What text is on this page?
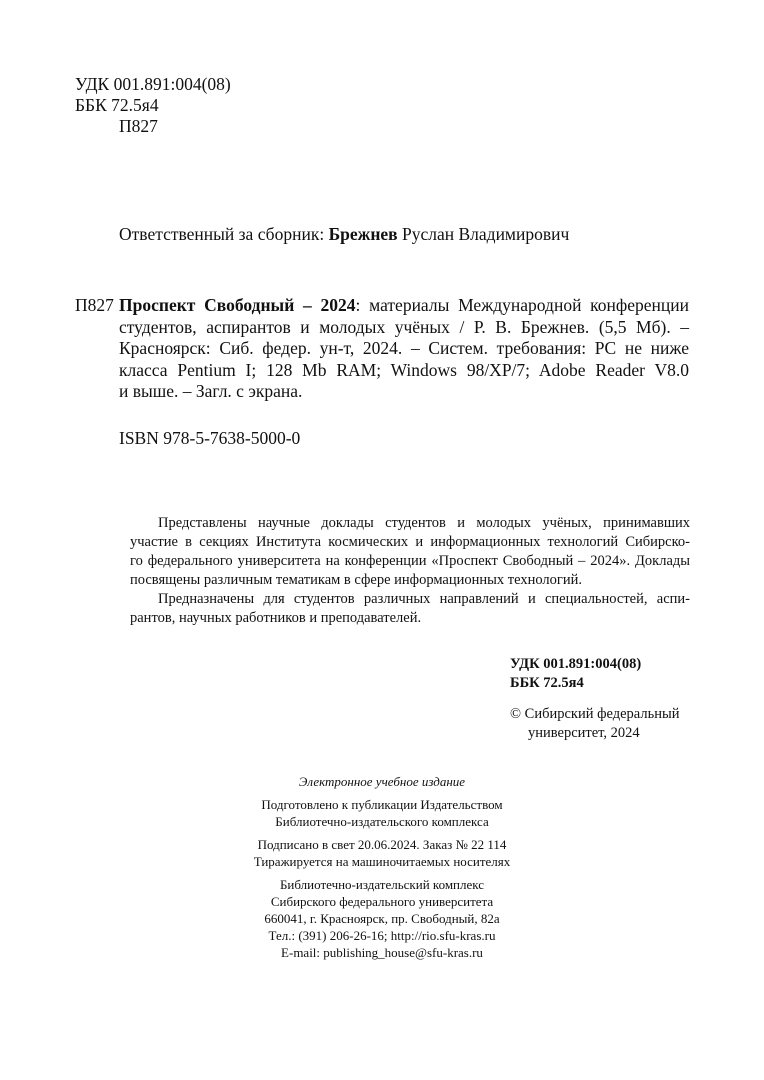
УДК 001.891:004(08)
ББК 72.5я4
П827
Ответственный за сборник: Брежнев Руслан Владимирович
П827 Проспект Свободный – 2024: материалы Международной конференции
студентов, аспирантов и молодых учёных / Р. В. Брежнев. (5,5 Мб). –
Красноярск: Сиб. федер. ун-т, 2024. – Систем. требования: PC не ниже
класса Pentium I; 128 Mb RAM; Windows 98/XP/7; Adobe Reader V8.0
и выше. – Загл. с экрана.
ISBN 978-5-7638-5000-0
Представлены научные доклады студентов и молодых учёных, принимавших
участие в секциях Института космических и информационных технологий Сибирско-
го федерального университета на конференции «Проспект Свободный – 2024». Доклады
посвящены различным тематикам в сфере информационных технологий.
Предназначены для студентов различных направлений и специальностей, аспи-
рантов, научных работников и преподавателей.
УДК 001.891:004(08)
ББК 72.5я4
© Сибирский федеральный
университет, 2024
Электронное учебное издание
Подготовлено к публикации Издательством
Библиотечно-издательского комплекса
Подписано в свет 20.06.2024. Заказ № 22 114
Тиражируется на машиночитаемых носителях
Библиотечно-издательский комплекс
Сибирского федерального университета
660041, г. Красноярск, пр. Свободный, 82а
Тел.: (391) 206-26-16; http://rio.sfu-kras.ru
E-mail: publishing_house@sfu-kras.ru
